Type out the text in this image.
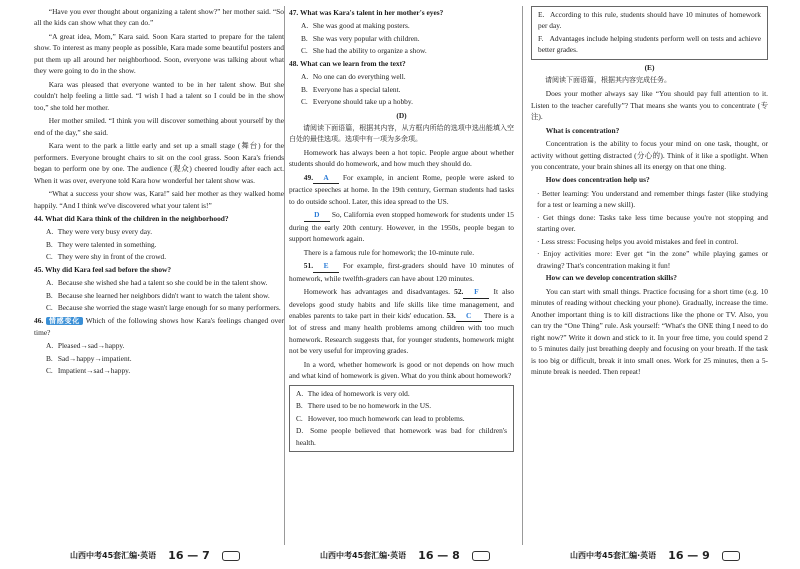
“Have you ever thought about organizing a talent show?” her mother said. “So all the kids can show what they can do.”

“A great idea, Mom,” Kara said. Soon Kara started to prepare for the talent show. To interest as many people as possible, Kara made some beautiful posters and put them up all around her neighborhood. Soon, everyone was talking about what they were going to do in the show.

Kara was pleased that everyone wanted to be in her talent show. But she couldn't help feeling a little sad. “I wish I had a talent so I could be in the show too,” she told her mother.

Her mother smiled. “I think you will discover something about yourself by the end of the day,” she said.

Kara went to the park a little early and set up a small stage (舞台) for the performers. Everyone brought chairs to sit on the cool grass. Soon Kara's friends began to perform one by one. The audience (观众) cheered loudly after each act. When it was over, everyone told Kara how wonderful her talent show was.

“What a success your show was, Kara!” said her mother as they walked home happily. “And I think we've discovered what your talent is!”

44. What did Kara think of the children in the neighborhood?

A. They were very busy every day.

B. They were talented in something.

C. They were shy in front of the crowd.

45. Why did Kara feel sad before the show?

A. Because she wished she had a talent so she could be in the talent show.

B. Because she learned her neighbors didn't want to watch the talent show.

C. Because she worried the stage wasn't large enough for so many performers.

46. 情感变化 Which of the following shows how Kara's feelings changed over time?

A. Pleased→sad→happy.

B. Sad→happy→impatient.

C. Impatient→sad→happy.

47. What was Kara's talent in her mother's eyes?

A. She was good at making posters.

B. She was very popular with children.

C. She had the ability to organize a show.

48. What can we learn from the text?

A. No one can do everything well.

B. Everyone has a special talent.

C. Everyone should take up a hobby.

(D)

请阅读下面语篇，根据其内容，从方框内所给的选项中选出能填入空白处的最佳选项。选项中有一项为多余项。

Homework has always been a hot topic. People argue about whether students should do homework, and how much they should do.

49. A For example, in ancient Rome, people were asked to practice speeches at home. In the 19th century, German students had tasks to do outside school. Later, this idea spread to the US.

D So, California even stopped homework for students under 15 during the early 20th century. However, in the 1950s, people began to support homework again.

There is a famous rule for homework; the 10-minute rule.

51. E For example, first-graders should have 10 minutes of homework, while twelfth-graders can have about 120 minutes.

Homework has advantages and disadvantages. 52. F It also develops good study habits and life skills like time management, and enables parents to take part in their kids' education. 53. C There is a lot of stress and many health problems among children with too much homework. Research suggests that, for younger students, homework might not be very useful for improving grades.

In a word, whether homework is good or not depends on how much and what kind of homework is given. What do you think about homework?

A. The idea of homework is very old.

B. There used to be no homework in the US.

C. However, too much homework can lead to problems.

D. Some people believed that homework was bad for children's health.

E. According to this rule, students should have 10 minutes of homework per day.

F. Advantages include helping students perform well on tests and achieve better grades.

(E)

请阅读下面语篇，根据其内容完成任务。

Does your mother always say like “You should pay full attention to it. Listen to the teacher carefully”? That means she wants you to concentrate (专注).

What is concentration?

Concentration is the ability to focus your mind on one task, thought, or activity without getting distracted (分心的). Think of it like a spotlight. When you concentrate, your brain shines all its energy on that one thing.

How does concentration help us?

· Better learning: You understand and remember things faster (like studying for a test or learning a new skill).

· Get things done: Tasks take less time because you're not stopping and starting over.

· Less stress: Focusing helps you avoid mistakes and feel in control.

· Enjoy activities more: Ever get “in the zone” while playing games or drawing? That's concentration making it fun!

How can we develop concentration skills?

You can start with small things. Practice focusing for a short time (e.g. 10 minutes of reading without checking your phone). Gradually, increase the time. Another important thing is to kill distractions like the phone or TV. Also, you can try the “One Thing” rule. Ask yourself: “What's the ONE thing I need to do right now?” Write it down and stick to it. In your free time, you could spend 2 to 5 minutes daily just breathing deeply and focusing on your breath. If the task is too big or difficult, break it into small ones. Work for 25 minutes, then a 5-minute break is needed. Then repeat!

山西中考45套汇编·英语 16 — 7	山西中考45套汇编·英语 16 — 8	山西中考45套汇编·英语 16 — 9
